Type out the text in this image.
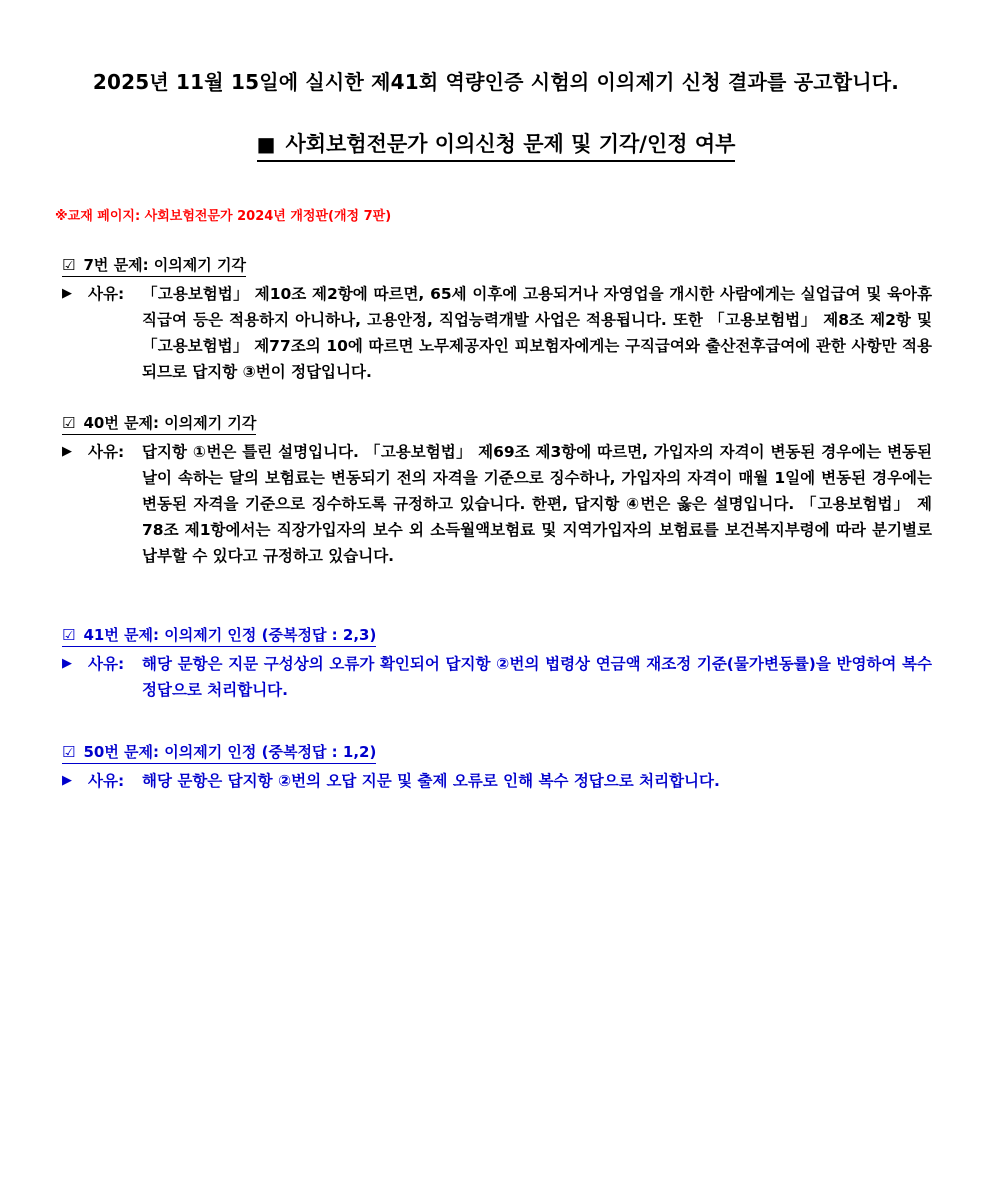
2025년 11월 15일에 실시한 제41회 역량인증 시험의 이의제기 신청 결과를 공고합니다.
■ 사회보험전문가 이의신청 문제 및 기각/인정 여부
※교재 페이지: 사회보험전문가 2024년 개정판(개정 7판)
☑ 7번 문제: 이의제기 기각
▶	사유:	「고용보험법」 제10조 제2항에 따르면, 65세 이후에 고용되거나 자영업을 개시한 사람에게는 실업급여 및 육아휴직급여 등은 적용하지 아니하나, 고용안정, 직업능력개발 사업은 적용됩니다. 또한 「고용보험법」 제8조 제2항 및 「고용보험법」 제77조의 10에 따르면 노무제공자인 피보험자에게는 구직급여와 출산전후급여에 관한 사항만 적용되므로 답지항 ③번이 정답입니다.
☑ 40번 문제: 이의제기 기각
▶	사유:	답지항 ①번은 틀린 설명입니다. 「고용보험법」 제69조 제3항에 따르면, 가입자의 자격이 변동된 경우에는 변동된 날이 속하는 달의 보험료는 변동되기 전의 자격을 기준으로 징수하나, 가입자의 자격이 매월 1일에 변동된 경우에는 변동된 자격을 기준으로 징수하도록 규정하고 있습니다. 한편, 답지항 ④번은 옳은 설명입니다. 「고용보험법」 제78조 제1항에서는 직장가입자의 보수 외 소득월액보험료 및 지역가입자의 보험료를 보건복지부령에 따라 분기별로 납부할 수 있다고 규정하고 있습니다.
☑ 41번 문제: 이의제기 인정 (중복정답 : 2,3)
▶	사유:	해당 문항은 지문 구성상의 오류가 확인되어 답지항 ②번의 법령상 연금액 재조정 기준(물가변동률)을 반영하여 복수정답으로 처리합니다.
☑ 50번 문제: 이의제기 인정 (중복정답 : 1,2)
▶	사유:	해당 문항은 답지항 ②번의 오답 지문 및 출제 오류로 인해 복수 정답으로 처리합니다.
